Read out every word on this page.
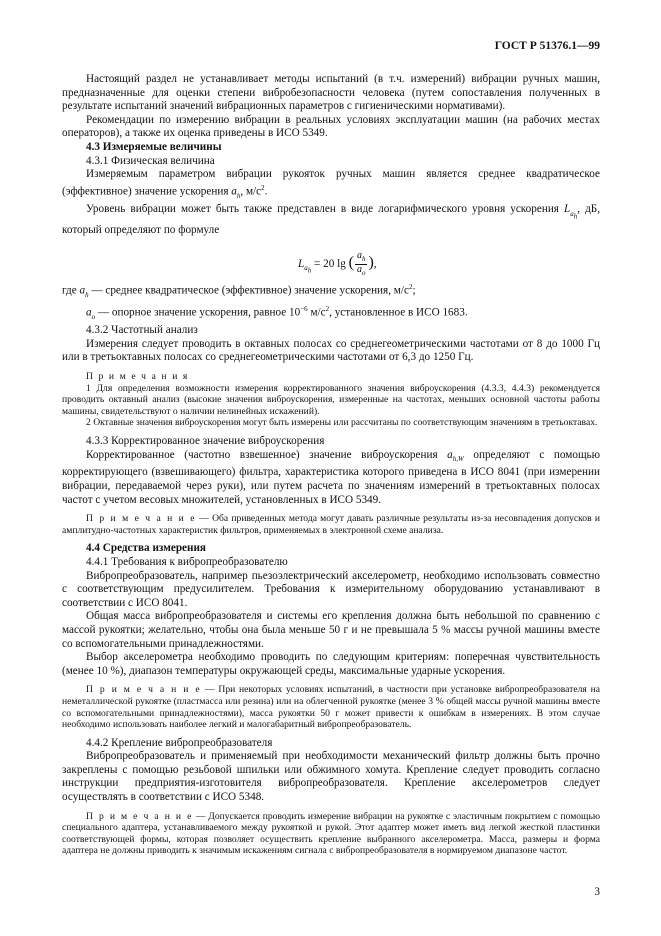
ГОСТ Р 51376.1—99

Настоящий раздел не устанавливает методы испытаний (в т.ч. измерений) вибрации ручных машин, предназначенные для оценки степени вибробезопасности человека (путем сопоставления полученных в результате испытаний значений вибрационных параметров с гигиеническими нормативами).

Рекомендации по измерению вибрации в реальных условиях эксплуатации машин (на рабочих местах операторов), а также их оценка приведены в ИСО 5349.

4.3 Измеряемые величины

4.3.1 Физическая величина

Измеряемым параметром вибрации рукояток ручных машин является среднее квадратическое (эффективное) значение ускорения $a_h$, $м/с^2$.

Уровень вибрации может быть также представлен в виде логарифмического уровня ускорения $L_{a_h}$, дБ, который определяют по формуле

$L_{a_h} = 20$ lg ( $\frac{a_h}{a_o}$ ),

где $a_h$ — среднее квадратическое (эффективное) значение ускорения, $м/с^2$;

$a_o$ — опорное значение ускорения, равное $10^{-6}$ $м/с^2$, установленное в ИСО 1683.

4.3.2 Частотный анализ

Измерения следует проводить в октавных полосах со среднегеометрическими частотами от 8 до 1000 Гц или в третьоктавных полосах со среднегеометрическими частотами от 6,3 до 1250 Гц.

П р и м е ч а н и я

1 Для определения возможности измерения корректированного значения виброускорения (4.3.3, 4.4.3) рекомендуется проводить октавный анализ (высокие значения виброускорения, измеренные на частотах, меньших основной частоты работы машины, свидетельствуют о наличии нелинейных искажений).

2 Октавные значения виброускорения могут быть измерены или рассчитаны по соответствующим значениям в третьоктавах.

4.3.3 Корректированное значение виброускорения

Корректированное (частотно взвешенное) значение виброускорения $a_{h,W}$ определяют с помощью корректирующего (взвешивающего) фильтра, характеристика которого приведена в ИСО 8041 (при измерении вибрации, передаваемой через руки), или путем расчета по значениям измерений в третьоктавных полосах частот с учетом весовых множителей, установленных в ИСО 5349.

П р и м е ч а н и е — Оба приведенных метода могут давать различные результаты из-за несовпадения допусков и амплитудно-частотных характеристик фильтров, применяемых в электронной схеме анализа.

4.4 Средства измерения

4.4.1 Требования к вибропреобразователю

Вибропреобразователь, например пьезоэлектрический акселерометр, необходимо использовать совместно с соответствующим предусилителем. Требования к измерительному оборудованию устанавливают в соответствии с ИСО 8041.

Общая масса вибропреобразователя и системы его крепления должна быть небольшой по сравнению с массой рукоятки; желательно, чтобы она была меньше 50 г и не превышала 5 % массы ручной машины вместе со вспомогательными принадлежностями.

Выбор акселерометра необходимо проводить по следующим критериям: поперечная чувствительность (менее 10 %), диапазон температуры окружающей среды, максимальные ударные ускорения.

П р и м е ч а н и е — При некоторых условиях испытаний, в частности при установке вибропреобразователя на неметаллической рукоятке (пластмасса или резина) или на облегченной рукоятке (менее 3 % общей массы ручной машины вместе со вспомогательными принадлежностями), масса рукоятки 50 г может привести к ошибкам в измерениях. В этом случае необходимо использовать наиболее легкий и малогабаритный вибропреобразователь.

4.4.2 Крепление вибропреобразователя

Вибропреобразователь и применяемый при необходимости механический фильтр должны быть прочно закреплены с помощью резьбовой шпильки или обжимного хомута. Крепление следует проводить согласно инструкции предприятия-изготовителя вибропреобразователя. Крепление акселерометров следует осуществлять в соответствии с ИСО 5348.

П р и м е ч а н и е — Допускается проводить измерение вибрации на рукоятке с эластичным покрытием с помощью специального адаптера, устанавливаемого между рукояткой и рукой. Этот адаптер может иметь вид легкой жесткой пластинки соответствующей формы, которая позволяет осуществить крепление выбранного акселерометра. Масса, размеры и форма адаптера не должны приводить к значимым искажениям сигнала с вибропреобразователя в нормируемом диапазоне частот.

3
